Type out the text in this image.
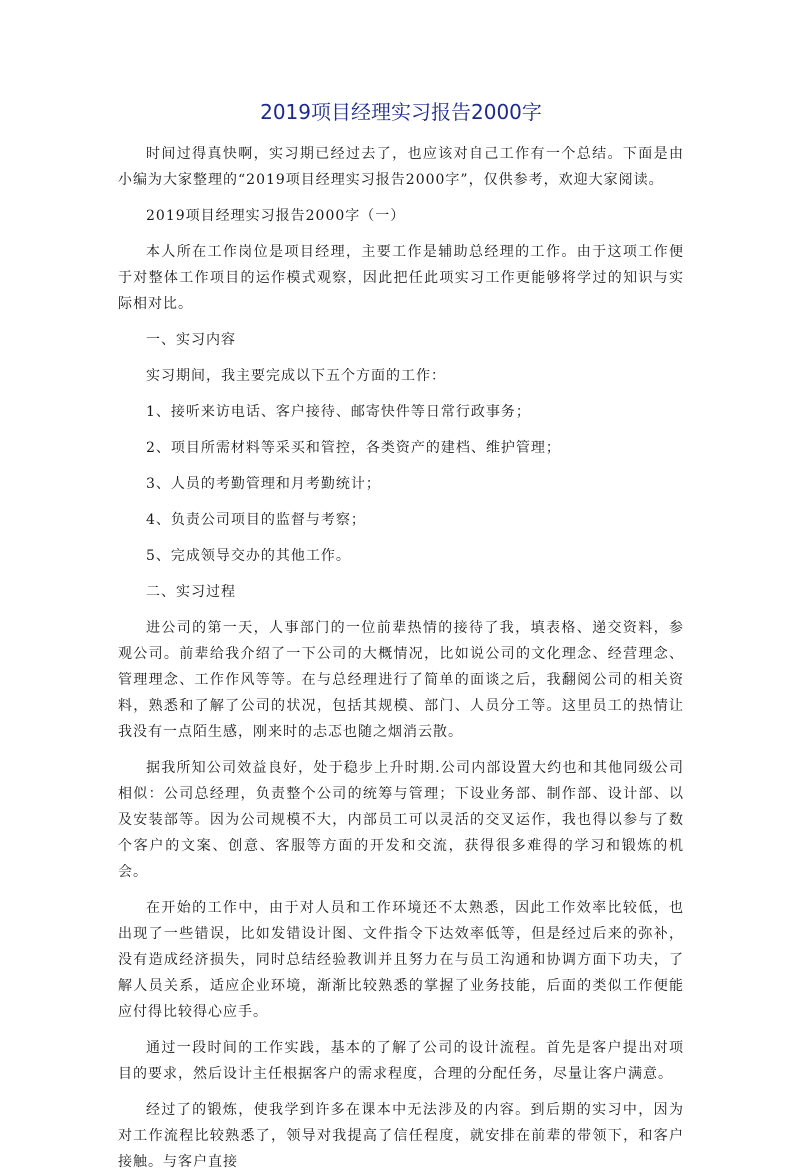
2019项目经理实习报告2000字
时间过得真快啊，实习期已经过去了，也应该对自己工作有一个总结。下面是由小编为大家整理的“2019项目经理实习报告2000字”，仅供参考，欢迎大家阅读。
2019项目经理实习报告2000字（一）
本人所在工作岗位是项目经理，主要工作是辅助总经理的工作。由于这项工作便于对整体工作项目的运作模式观察，因此把任此项实习工作更能够将学过的知识与实际相对比。
一、实习内容
实习期间，我主要完成以下五个方面的工作：
1、接听来访电话、客户接待、邮寄快件等日常行政事务；
2、项目所需材料等采买和管控，各类资产的建档、维护管理；
3、人员的考勤管理和月考勤统计；
4、负责公司项目的监督与考察；
5、完成领导交办的其他工作。
二、实习过程
进公司的第一天，人事部门的一位前辈热情的接待了我，填表格、递交资料，参观公司。前辈给我介绍了一下公司的大概情况，比如说公司的文化理念、经营理念、管理理念、工作作风等等。在与总经理进行了简单的面谈之后，我翻阅公司的相关资料，熟悉和了解了公司的状况，包括其规模、部门、人员分工等。这里员工的热情让我没有一点陌生感，刚来时的忐忑也随之烟消云散。
据我所知公司效益良好，处于稳步上升时期.公司内部设置大约也和其他同级公司相似：公司总经理，负责整个公司的统筹与管理；下设业务部、制作部、设计部、以及安装部等。因为公司规模不大，内部员工可以灵活的交叉运作，我也得以参与了数个客户的文案、创意、客服等方面的开发和交流，获得很多难得的学习和锻炼的机会。
在开始的工作中，由于对人员和工作环境还不太熟悉，因此工作效率比较低，也出现了一些错误，比如发错设计图、文件指令下达效率低等，但是经过后来的弥补，没有造成经济损失，同时总结经验教训并且努力在与员工沟通和协调方面下功夫，了解人员关系，适应企业环境，渐渐比较熟悉的掌握了业务技能，后面的类似工作便能应付得比较得心应手。
通过一段时间的工作实践，基本的了解了公司的设计流程。首先是客户提出对项目的要求，然后设计主任根据客户的需求程度，合理的分配任务，尽量让客户满意。
经过了的锻炼，使我学到许多在课本中无法涉及的内容。到后期的实习中，因为对工作流程比较熟悉了，领导对我提高了信任程度，就安排在前辈的带领下，和客户接触。与客户直接
